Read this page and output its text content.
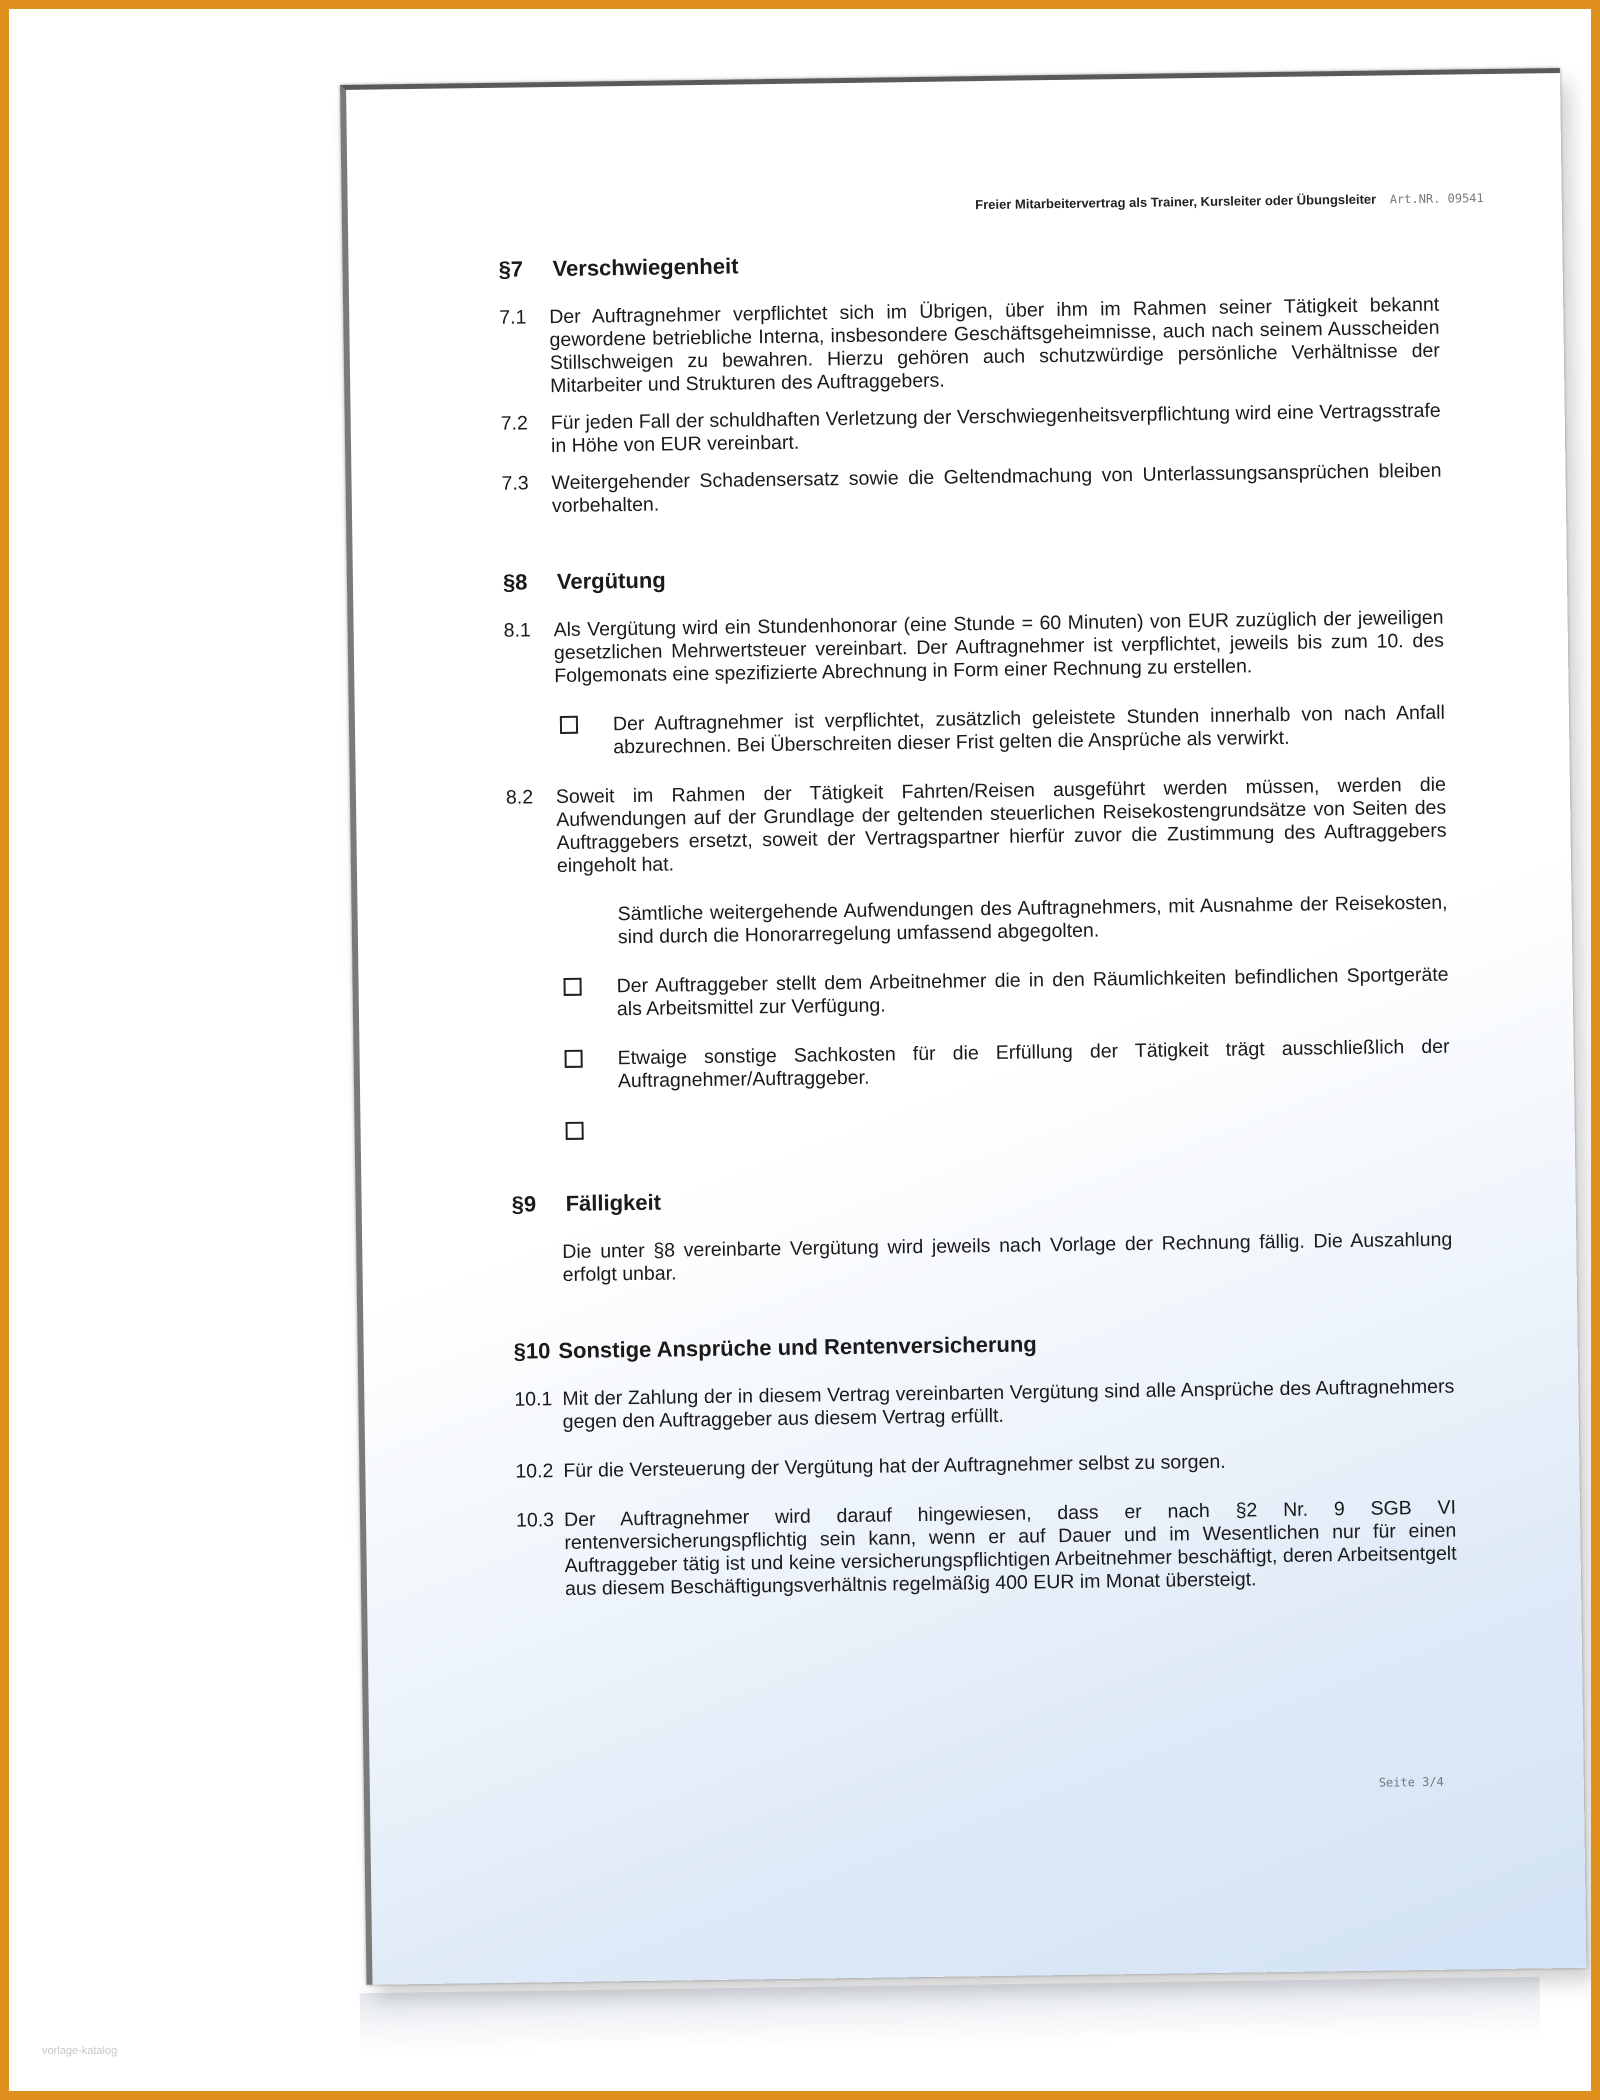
vorlage-katalog
Freier Mitarbeitervertrag als Trainer, Kursleiter oder Übungsleiter Art.NR. 09541
§7	Verschwiegenheit
7.1 Der Auftragnehmer verpflichtet sich im Übrigen, über ihm im Rahmen seiner Tätigkeit bekannt gewordene betriebliche Interna, insbesondere Geschäftsgeheimnisse, auch nach seinem Ausscheiden Stillschweigen zu bewahren. Hierzu gehören auch schutzwürdige persönliche Verhältnisse der Mitarbeiter und Strukturen des Auftraggebers.
7.2 Für jeden Fall der schuldhaften Verletzung der Verschwiegenheitsverpflichtung wird eine Vertragsstrafe in Höhe von EUR vereinbart.
7.3 Weitergehender Schadensersatz sowie die Geltendmachung von Unterlassungsansprüchen bleiben vorbehalten.
§8	Vergütung
8.1 Als Vergütung wird ein Stundenhonorar (eine Stunde = 60 Minuten) von EUR zuzüglich der jeweiligen gesetzlichen Mehrwertsteuer vereinbart. Der Auftragnehmer ist verpflichtet, jeweils bis zum 10. des Folgemonats eine spezifizierte Abrechnung in Form einer Rechnung zu erstellen.
Der Auftragnehmer ist verpflichtet, zusätzlich geleistete Stunden innerhalb von nach Anfall abzurechnen. Bei Überschreiten dieser Frist gelten die Ansprüche als verwirkt.
8.2 Soweit im Rahmen der Tätigkeit Fahrten/Reisen ausgeführt werden müssen, werden die Aufwendungen auf der Grundlage der geltenden steuerlichen Reisekostengrundsätze von Seiten des Auftraggebers ersetzt, soweit der Vertragspartner hierfür zuvor die Zustimmung des Auftraggebers eingeholt hat.
Sämtliche weitergehende Aufwendungen des Auftragnehmers, mit Ausnahme der Reisekosten, sind durch die Honorarregelung umfassend abgegolten.
Der Auftraggeber stellt dem Arbeitnehmer die in den Räumlichkeiten befindlichen Sportgeräte als Arbeitsmittel zur Verfügung.
Etwaige sonstige Sachkosten für die Erfüllung der Tätigkeit trägt ausschließlich der Auftragnehmer/Auftraggeber.
§9	Fälligkeit
Die unter §8 vereinbarte Vergütung wird jeweils nach Vorlage der Rechnung fällig. Die Auszahlung erfolgt unbar.
§10 Sonstige Ansprüche und Rentenversicherung
10.1 Mit der Zahlung der in diesem Vertrag vereinbarten Vergütung sind alle Ansprüche des Auftragnehmers gegen den Auftraggeber aus diesem Vertrag erfüllt.
10.2 Für die Versteuerung der Vergütung hat der Auftragnehmer selbst zu sorgen.
10.3 Der Auftragnehmer wird darauf hingewiesen, dass er nach §2 Nr. 9 SGB VI rentenversicherungspflichtig sein kann, wenn er auf Dauer und im Wesentlichen nur für einen Auftraggeber tätig ist und keine versicherungspflichtigen Arbeitnehmer beschäftigt, deren Arbeitsentgelt aus diesem Beschäftigungsverhältnis regelmäßig 400 EUR im Monat übersteigt.
Seite 3/4
